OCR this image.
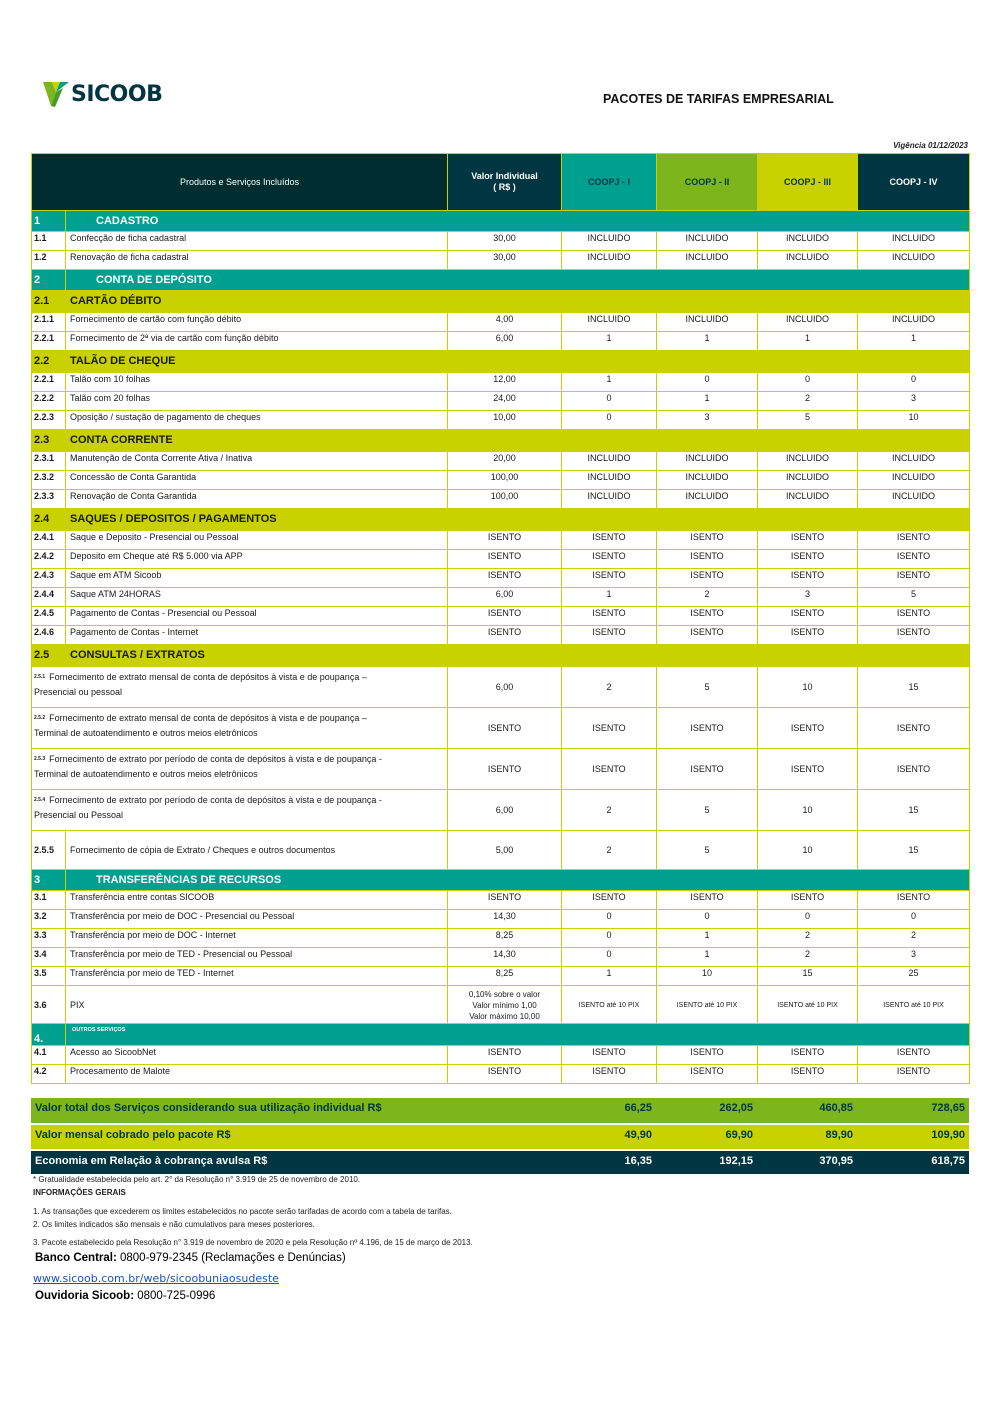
SICOOB	PACOTES DE TARIFAS EMPRESARIAL
Vigência 01/12/2023
Produtos e Serviços Incluídos		Valor Individual
( R$ )	COOPJ - I	COOPJ - II	COOPJ - III	COOPJ - IV
1	CADASTRO					
1.1	Confecção de ficha cadastral	30,00	INCLUIDO	INCLUIDO	INCLUIDO	INCLUIDO
1.2	Renovação de ficha cadastral	30,00	INCLUIDO	INCLUIDO	INCLUIDO	INCLUIDO
2	CONTA DE DEPÓSITO					
2.1	CARTÃO DÉBITO					
2.1.1	Fornecimento de cartão com função débito	4,00	INCLUIDO	INCLUIDO	INCLUIDO	INCLUIDO
2.2.1	Fornecimento de 2ª via de cartão com função débito	6,00	1	1	1	1
2.2	TALÃO DE CHEQUE					
2.2.1	Talão com 10 folhas	12,00	1	0	0	0
2.2.2	Talão com 20 folhas	24,00	0	1	2	3
2.2.3	Oposição / sustação de pagamento de cheques	10,00	0	3	5	10
2.3	CONTA CORRENTE					
2.3.1	Manutenção de Conta Corrente Ativa / Inativa	20,00	INCLUIDO	INCLUIDO	INCLUIDO	INCLUIDO
2.3.2	Concessão de Conta Garantida	100,00	INCLUIDO	INCLUIDO	INCLUIDO	INCLUIDO
2.3.3	Renovação de Conta Garantida	100,00	INCLUIDO	INCLUIDO	INCLUIDO	INCLUIDO
2.4	SAQUES / DEPOSITOS / PAGAMENTOS					
2.4.1	Saque e Deposito - Presencial ou Pessoal	ISENTO	ISENTO	ISENTO	ISENTO	ISENTO
2.4.2	Deposito em Cheque até R$ 5.000 via APP	ISENTO	ISENTO	ISENTO	ISENTO	ISENTO
2.4.3	Saque em ATM Sicoob	ISENTO	ISENTO	ISENTO	ISENTO	ISENTO
2.4.4	Saque ATM 24HORAS	6,00	1	2	3	5
2.4.5	Pagamento de Contas - Presencial ou Pessoal	ISENTO	ISENTO	ISENTO	ISENTO	ISENTO
2.4.6	Pagamento de Contas - Internet	ISENTO	ISENTO	ISENTO	ISENTO	ISENTO
2.5	CONSULTAS / EXTRATOS					
$^{2.5.1}$ Fornecimento de extrato mensal de conta de depósitos à vista e de poupança –
Presencial ou pessoal		6,00	2	5	10	15
$^{2.5.2}$ Fornecimento de extrato mensal de conta de depósitos à vista e de poupança –
Terminal de autoatendimento e outros meios eletrônicos		ISENTO	ISENTO	ISENTO	ISENTO	ISENTO
$^{2.5.3}$ Fornecimento de extrato por período de conta de depósitos à vista e de poupança -
Terminal de autoatendimento e outros meios eletrônicos		ISENTO	ISENTO	ISENTO	ISENTO	ISENTO
$^{2.5.4}$ Fornecimento de extrato por período de conta de depósitos à vista e de poupança -
Presencial ou Pessoal		6,00	2	5	10	15
2.5.5	Fornecimento de cópia de Extrato / Cheques e outros documentos	5,00	2	5	10	15
3	TRANSFERÊNCIAS DE RECURSOS					
3.1	Transferência entre contas SICOOB	ISENTO	ISENTO	ISENTO	ISENTO	ISENTO
3.2	Transferência por meio de DOC - Presencial ou Pessoal	14,30	0	0	0	0
3.3	Transferência por meio de DOC - Internet	8,25	0	1	2	2
3.4	Transferência por meio de TED - Presencial ou Pessoal	14,30	0	1	2	3
3.5	Transferência por meio de TED - Internet	8,25	1	10	15	25
3.6	PIX	0,10% sobre o valor
Valor mínimo 1,00
Valor máximo 10,00	ISENTO até 10 PIX	ISENTO até 10 PIX	ISENTO até 10 PIX	ISENTO até 10 PIX
4.	OUTROS SERVIÇOS					
4.1	Acesso ao SicoobNet	ISENTO	ISENTO	ISENTO	ISENTO	ISENTO
4.2	Procesamento de Malote	ISENTO	ISENTO	ISENTO	ISENTO	ISENTO
Valor total dos Serviços considerando sua utilização individual R$	66,25	262,05	460,85	728,65

Valor mensal cobrado pelo pacote R$	49,90	69,90	89,90	109,90

Economia em Relação à cobrança avulsa R$	16,35	192,15	370,95	618,75
* Gratualidade estabelecida pelo art. 2° da Resolução n° 3.919 de 25 de novembro de 2010.
INFORMAÇÕES GERAIS
1. As transações que excederem os limites estabelecidos no pacote serão tarifadas de acordo com a tabela de tarifas.
2. Os limites indicados são mensais e não cumulativos para meses posteriores.
3. Pacote estabelecido pela Resolução n° 3.919 de novembro de 2020 e pela Resolução nº 4.196, de 15 de março de 2013.
Banco Central: 0800-979-2345 (Reclamações e Denúncias)
www.sicoob.com.br/web/sicoobuniaosudeste
Ouvidoria Sicoob: 0800-725-0996
